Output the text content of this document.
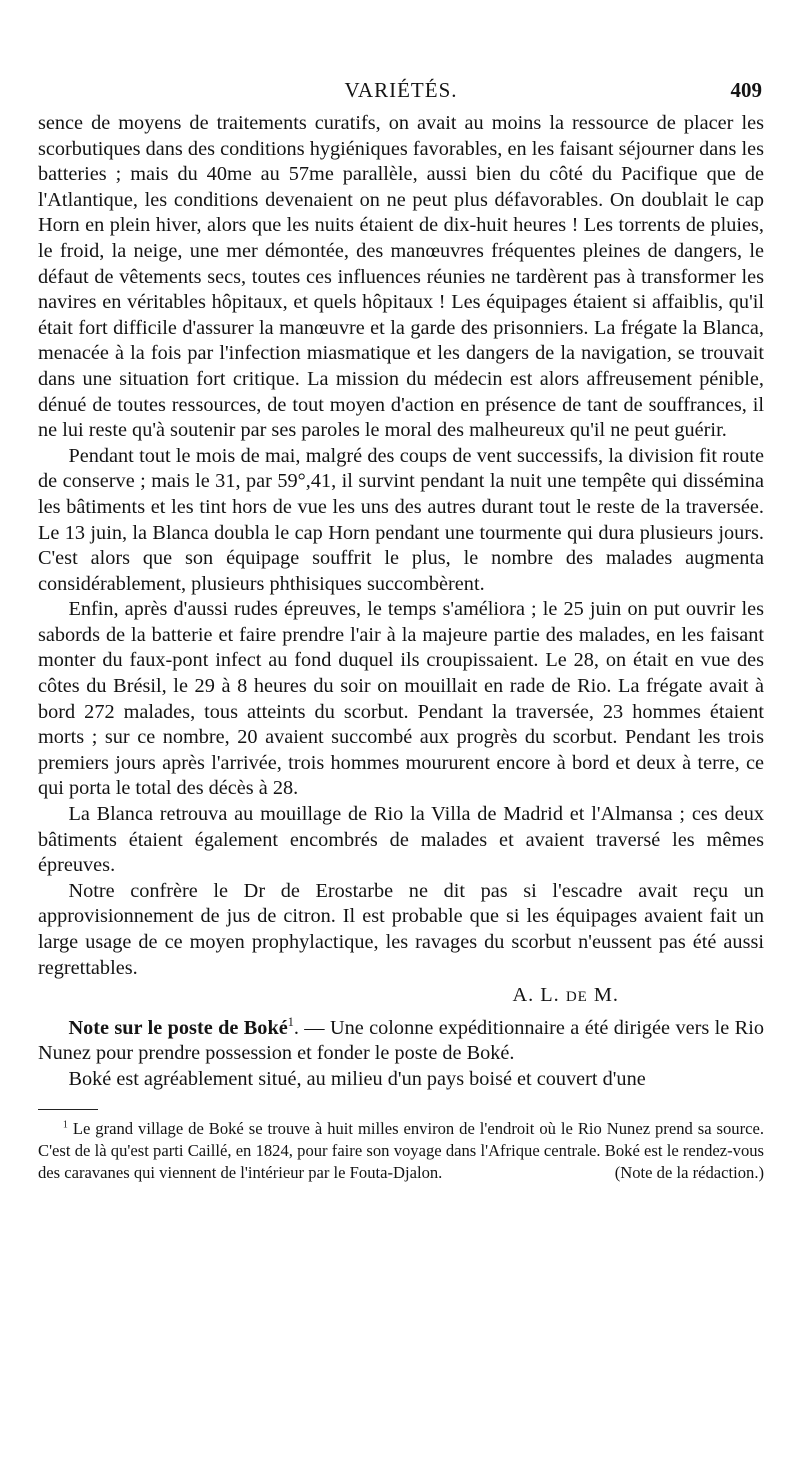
VARIÉTÉS.	409

sence de moyens de traitements curatifs, on avait au moins la ressource de placer les scorbutiques dans des conditions hygiéniques favorables, en les faisant séjourner dans les batteries ; mais du 40me au 57me parallèle, aussi bien du côté du Pacifique que de l'Atlantique, les conditions devenaient on ne peut plus défavorables. On doublait le cap Horn en plein hiver, alors que les nuits étaient de dix-huit heures ! Les torrents de pluies, le froid, la neige, une mer démontée, des manœuvres fréquentes pleines de dangers, le défaut de vêtements secs, toutes ces influences réunies ne tardèrent pas à transformer les navires en véritables hôpitaux, et quels hôpitaux ! Les équipages étaient si affaiblis, qu'il était fort difficile d'assurer la manœuvre et la garde des prisonniers. La frégate la Blanca, menacée à la fois par l'infection miasmatique et les dangers de la navigation, se trouvait dans une situation fort critique. La mission du médecin est alors affreusement pénible, dénué de toutes ressources, de tout moyen d'action en présence de tant de souffrances, il ne lui reste qu'à soutenir par ses paroles le moral des malheureux qu'il ne peut guérir.

Pendant tout le mois de mai, malgré des coups de vent successifs, la division fit route de conserve ; mais le 31, par 59°,41, il survint pendant la nuit une tempête qui dissémina les bâtiments et les tint hors de vue les uns des autres durant tout le reste de la traversée. Le 13 juin, la Blanca doubla le cap Horn pendant une tourmente qui dura plusieurs jours. C'est alors que son équipage souffrit le plus, le nombre des malades augmenta considérablement, plusieurs phthisiques succombèrent.

Enfin, après d'aussi rudes épreuves, le temps s'améliora ; le 25 juin on put ouvrir les sabords de la batterie et faire prendre l'air à la majeure partie des malades, en les faisant monter du faux-pont infect au fond duquel ils croupissaient. Le 28, on était en vue des côtes du Brésil, le 29 à 8 heures du soir on mouillait en rade de Rio. La frégate avait à bord 272 malades, tous atteints du scorbut. Pendant la traversée, 23 hommes étaient morts ; sur ce nombre, 20 avaient succombé aux progrès du scorbut. Pendant les trois premiers jours après l'arrivée, trois hommes moururent encore à bord et deux à terre, ce qui porta le total des décès à 28.

La Blanca retrouva au mouillage de Rio la Villa de Madrid et l'Almansa ; ces deux bâtiments étaient également encombrés de malades et avaient traversé les mêmes épreuves.

Notre confrère le Dr de Erostarbe ne dit pas si l'escadre avait reçu un approvisionnement de jus de citron. Il est probable que si les équipages avaient fait un large usage de ce moyen prophylactique, les ravages du scorbut n'eussent pas été aussi regrettables.

A. L. DE M.

Note sur le poste de Boké$^1$. — Une colonne expéditionnaire a été dirigée vers le Rio Nunez pour prendre possession et fonder le poste de Boké.

Boké est agréablement situé, au milieu d'un pays boisé et couvert d'une

$^1$ Le grand village de Boké se trouve à huit milles environ de l'endroit où le Rio Nunez prend sa source. C'est de là qu'est parti Caillé, en 1824, pour faire son voyage dans l'Afrique centrale. Boké est le rendez-vous des caravanes qui viennent de l'intérieur par le Fouta-Djalon.	(Note de la rédaction.)
